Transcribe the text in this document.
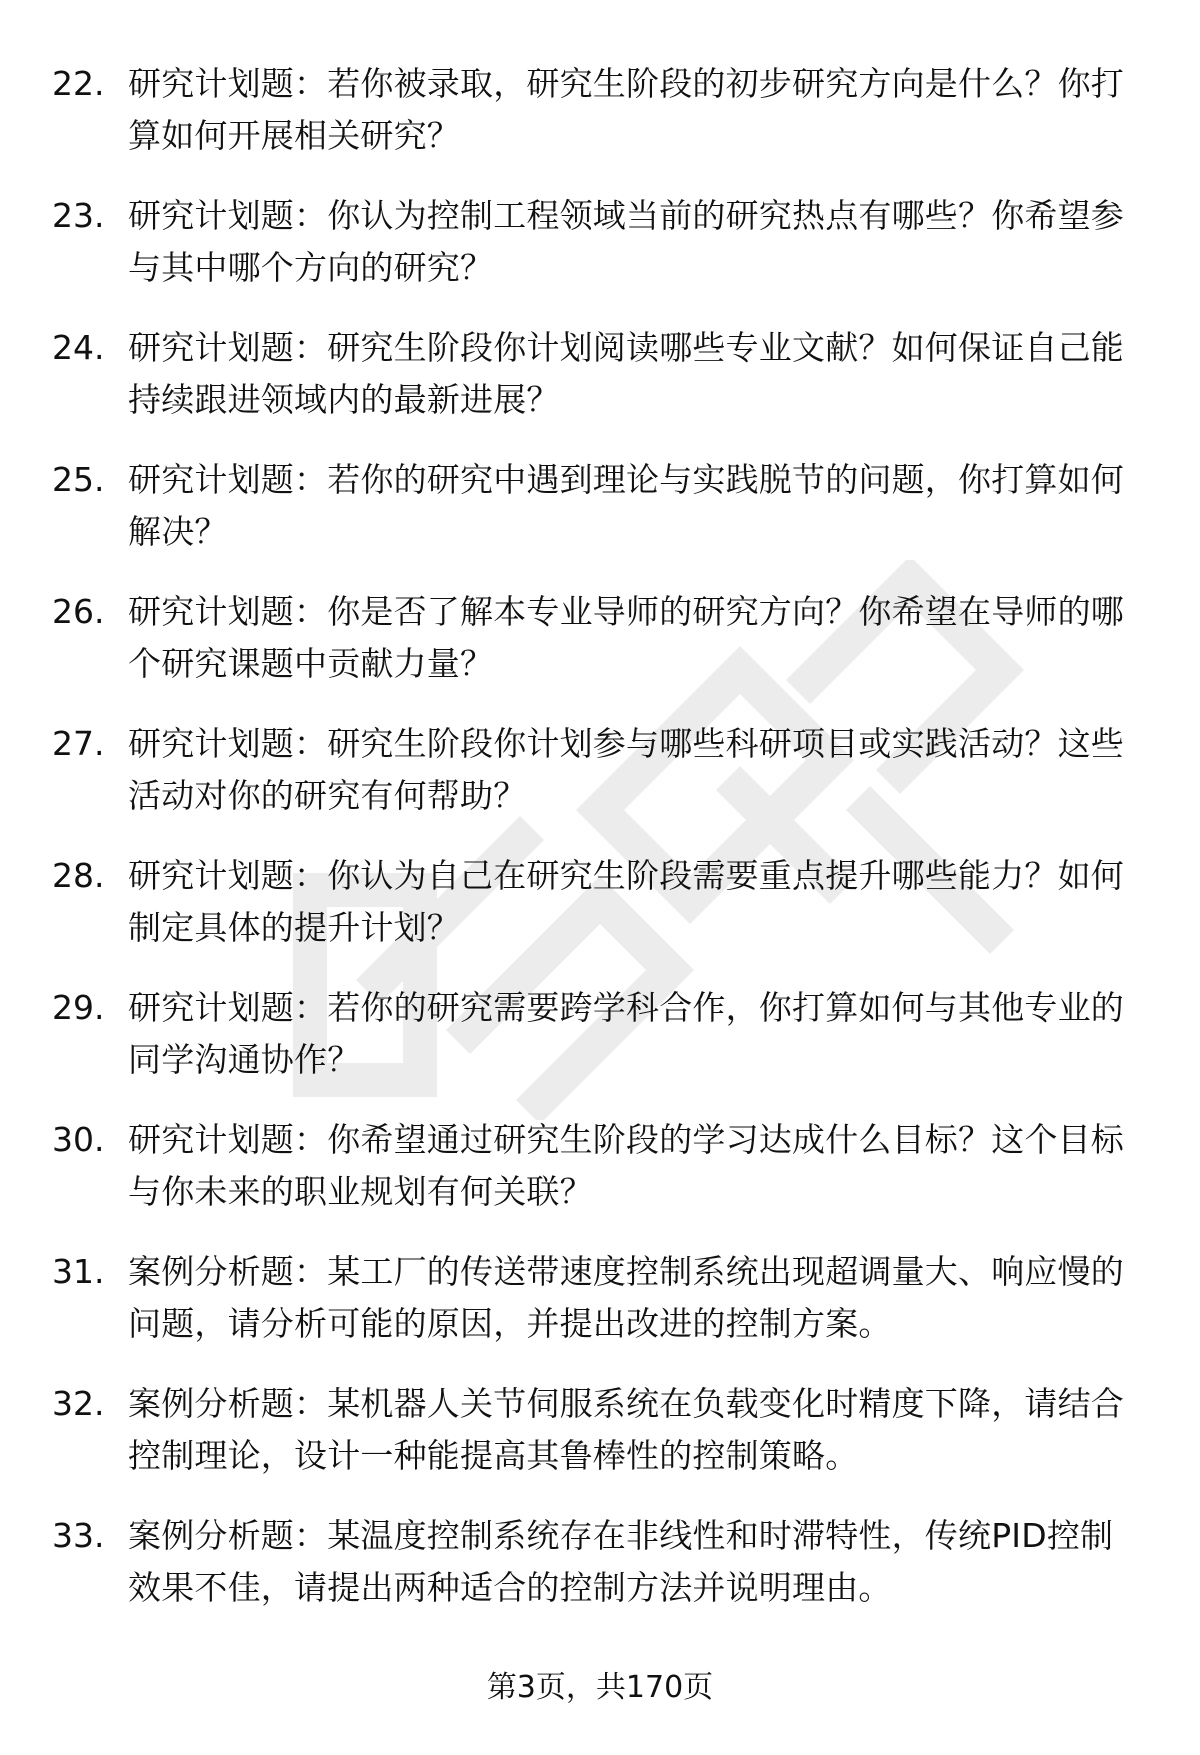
22. 研究计划题：若你被录取，研究生阶段的初步研究方向是什么？你打算如何开展相关研究？
23. 研究计划题：你认为控制工程领域当前的研究热点有哪些？你希望参与其中哪个方向的研究？
24. 研究计划题：研究生阶段你计划阅读哪些专业文献？如何保证自己能持续跟进领域内的最新进展？
25. 研究计划题：若你的研究中遇到理论与实践脱节的问题，你打算如何解决？
26. 研究计划题：你是否了解本专业导师的研究方向？你希望在导师的哪个研究课题中贡献力量？
27. 研究计划题：研究生阶段你计划参与哪些科研项目或实践活动？这些活动对你的研究有何帮助？
28. 研究计划题：你认为自己在研究生阶段需要重点提升哪些能力？如何制定具体的提升计划？
29. 研究计划题：若你的研究需要跨学科合作，你打算如何与其他专业的同学沟通协作？
30. 研究计划题：你希望通过研究生阶段的学习达成什么目标？这个目标与你未来的职业规划有何关联？
31. 案例分析题：某工厂的传送带速度控制系统出现超调量大、响应慢的问题，请分析可能的原因，并提出改进的控制方案。
32. 案例分析题：某机器人关节伺服系统在负载变化时精度下降，请结合控制理论，设计一种能提高其鲁棒性的控制策略。
33. 案例分析题：某温度控制系统存在非线性和时滞特性，传统PID控制效果不佳，请提出两种适合的控制方法并说明理由。
第3页，共170页
